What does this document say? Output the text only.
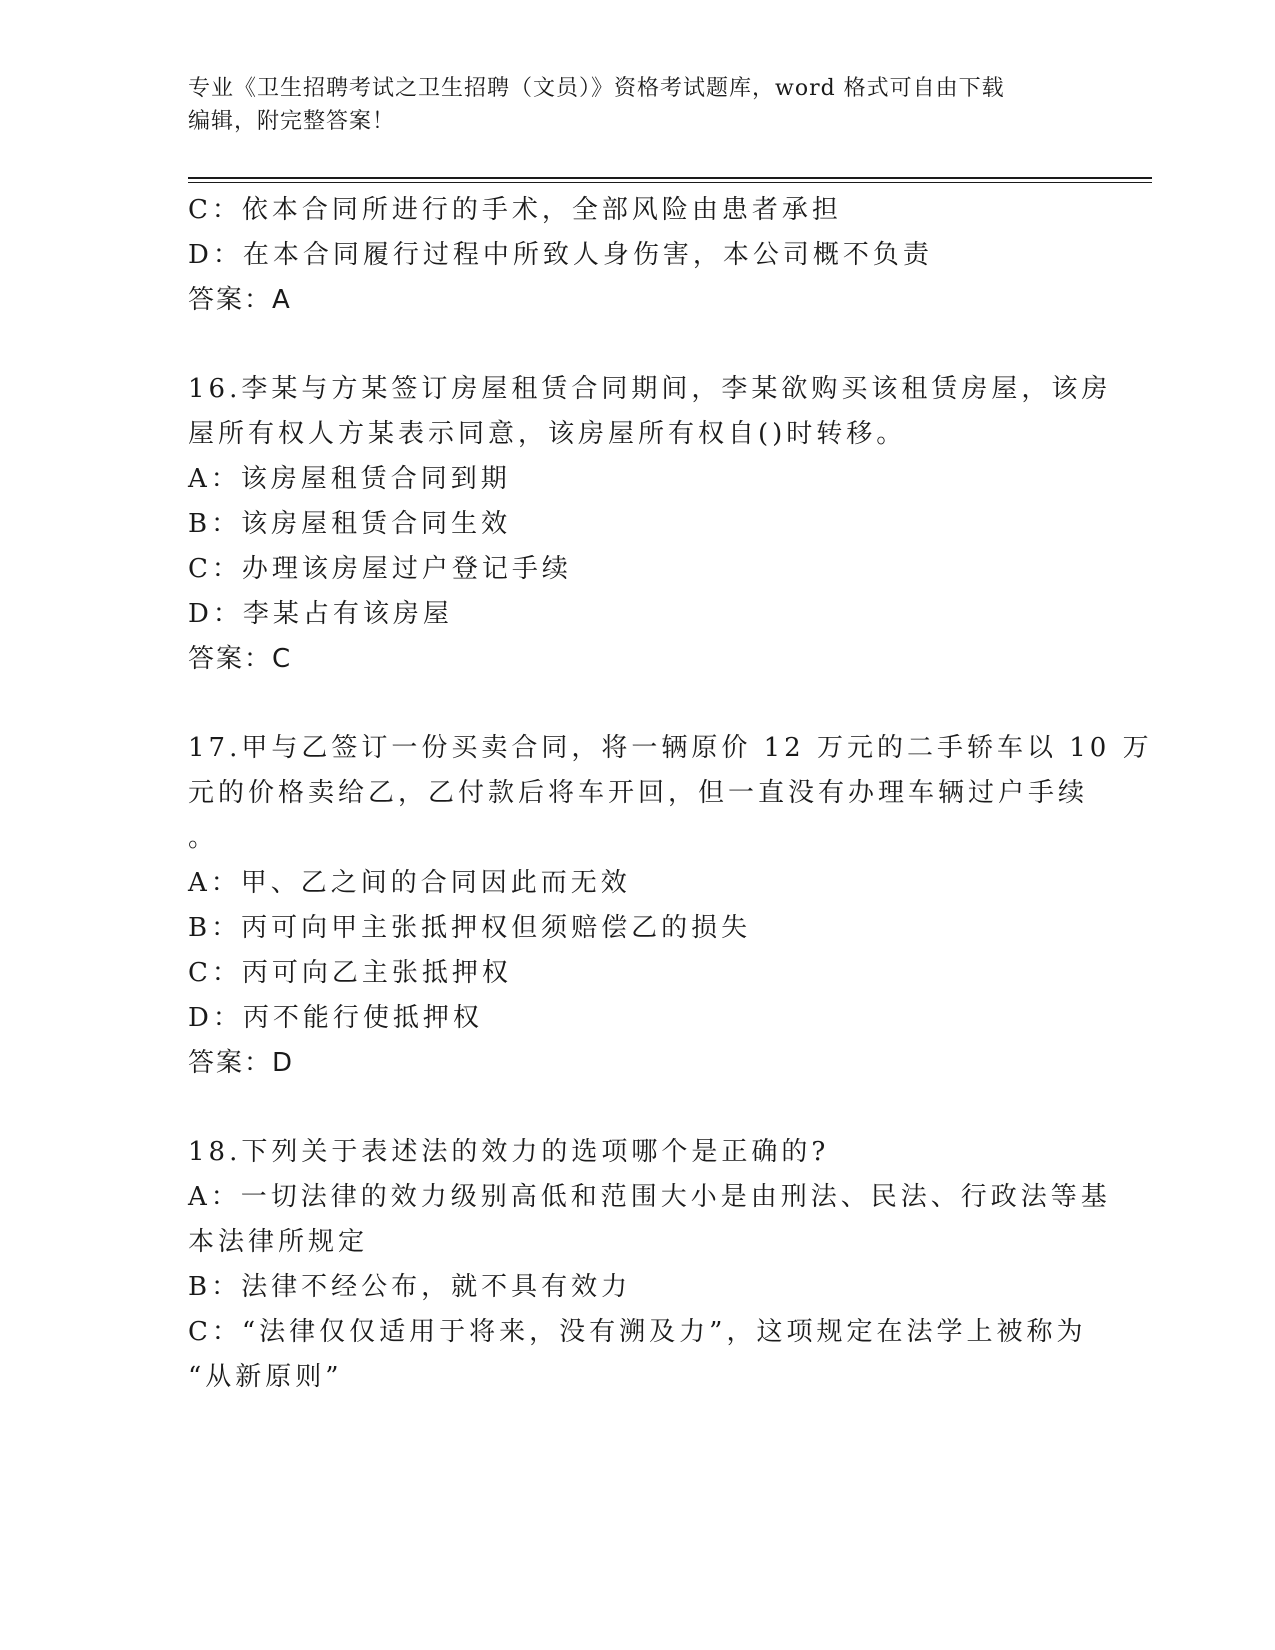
专业《卫生招聘考试之卫生招聘（文员）》资格考试题库，word 格式可自由下载
编辑，附完整答案！
C：依本合同所进行的手术，全部风险由患者承担
D：在本合同履行过程中所致人身伤害，本公司概不负责
答案：A
16.李某与方某签订房屋租赁合同期间，李某欲购买该租赁房屋，该房
屋所有权人方某表示同意，该房屋所有权自()时转移。
A：该房屋租赁合同到期
B：该房屋租赁合同生效
C：办理该房屋过户登记手续
D：李某占有该房屋
答案：C
17.甲与乙签订一份买卖合同，将一辆原价 12 万元的二手轿车以 10 万
元的价格卖给乙，乙付款后将车开回，但一直没有办理车辆过户手续
。
A：甲、乙之间的合同因此而无效
B：丙可向甲主张抵押权但须赔偿乙的损失
C：丙可向乙主张抵押权
D：丙不能行使抵押权
答案：D
18.下列关于表述法的效力的选项哪个是正确的?
A：一切法律的效力级别高低和范围大小是由刑法、民法、行政法等基
本法律所规定
B：法律不经公布，就不具有效力
C：“法律仅仅适用于将来，没有溯及力”，这项规定在法学上被称为
“从新原则”
